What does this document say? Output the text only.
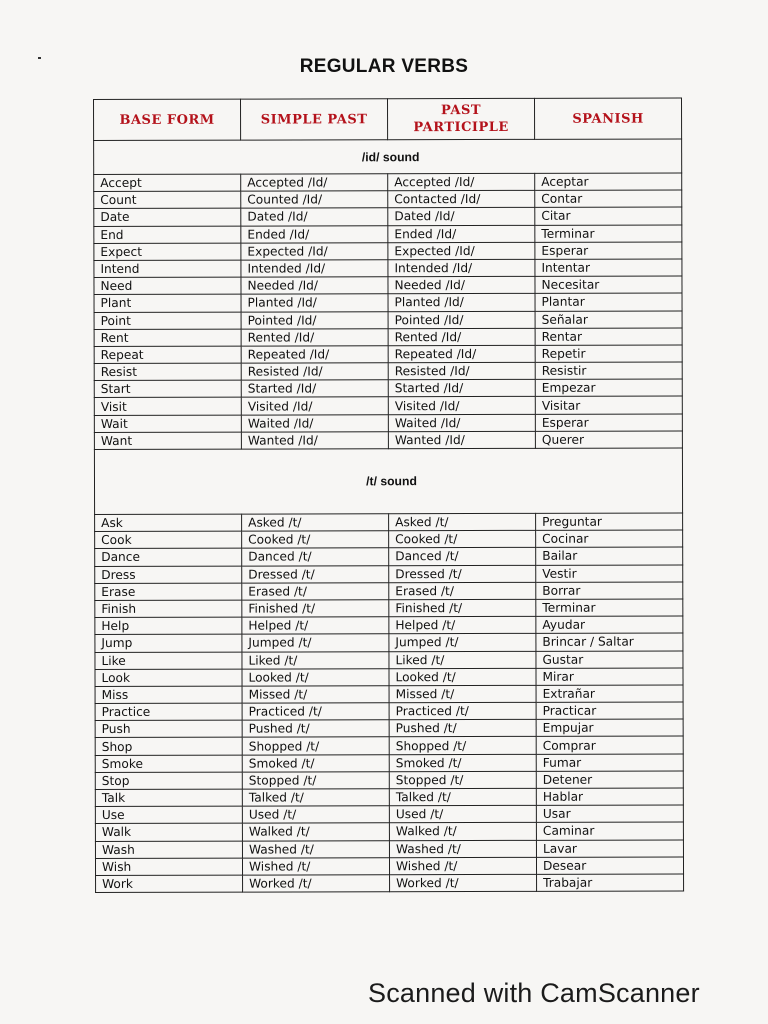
REGULAR VERBS
BASE FORM	SIMPLE PAST	PAST PARTICIPLE	SPANISH
/id/ sound			
Accept	Accepted /Id/	Accepted /Id/	Aceptar
Count	Counted /Id/	Contacted /Id/	Contar
Date	Dated /Id/	Dated /Id/	Citar
End	Ended /Id/	Ended /Id/	Terminar
Expect	Expected /Id/	Expected /Id/	Esperar
Intend	Intended /Id/	Intended /Id/	Intentar
Need	Needed /Id/	Needed /Id/	Necesitar
Plant	Planted /Id/	Planted /Id/	Plantar
Point	Pointed /Id/	Pointed /Id/	Señalar
Rent	Rented /Id/	Rented /Id/	Rentar
Repeat	Repeated /Id/	Repeated /Id/	Repetir
Resist	Resisted /Id/	Resisted /Id/	Resistir
Start	Started /Id/	Started /Id/	Empezar
Visit	Visited /Id/	Visited /Id/	Visitar
Wait	Waited /Id/	Waited /Id/	Esperar
Want	Wanted /Id/	Wanted /Id/	Querer
/t/ sound			
Ask	Asked /t/	Asked /t/	Preguntar
Cook	Cooked /t/	Cooked /t/	Cocinar
Dance	Danced /t/	Danced /t/	Bailar
Dress	Dressed /t/	Dressed /t/	Vestir
Erase	Erased /t/	Erased /t/	Borrar
Finish	Finished /t/	Finished /t/	Terminar
Help	Helped /t/	Helped /t/	Ayudar
Jump	Jumped /t/	Jumped /t/	Brincar / Saltar
Like	Liked /t/	Liked /t/	Gustar
Look	Looked /t/	Looked /t/	Mirar
Miss	Missed /t/	Missed /t/	Extrañar
Practice	Practiced /t/	Practiced /t/	Practicar
Push	Pushed /t/	Pushed /t/	Empujar
Shop	Shopped /t/	Shopped /t/	Comprar
Smoke	Smoked /t/	Smoked /t/	Fumar
Stop	Stopped /t/	Stopped /t/	Detener
Talk	Talked /t/	Talked /t/	Hablar
Use	Used /t/	Used /t/	Usar
Walk	Walked /t/	Walked /t/	Caminar
Wash	Washed /t/	Washed /t/	Lavar
Wish	Wished /t/	Wished /t/	Desear
Work	Worked /t/	Worked /t/	Trabajar
Scanned with CamScanner
